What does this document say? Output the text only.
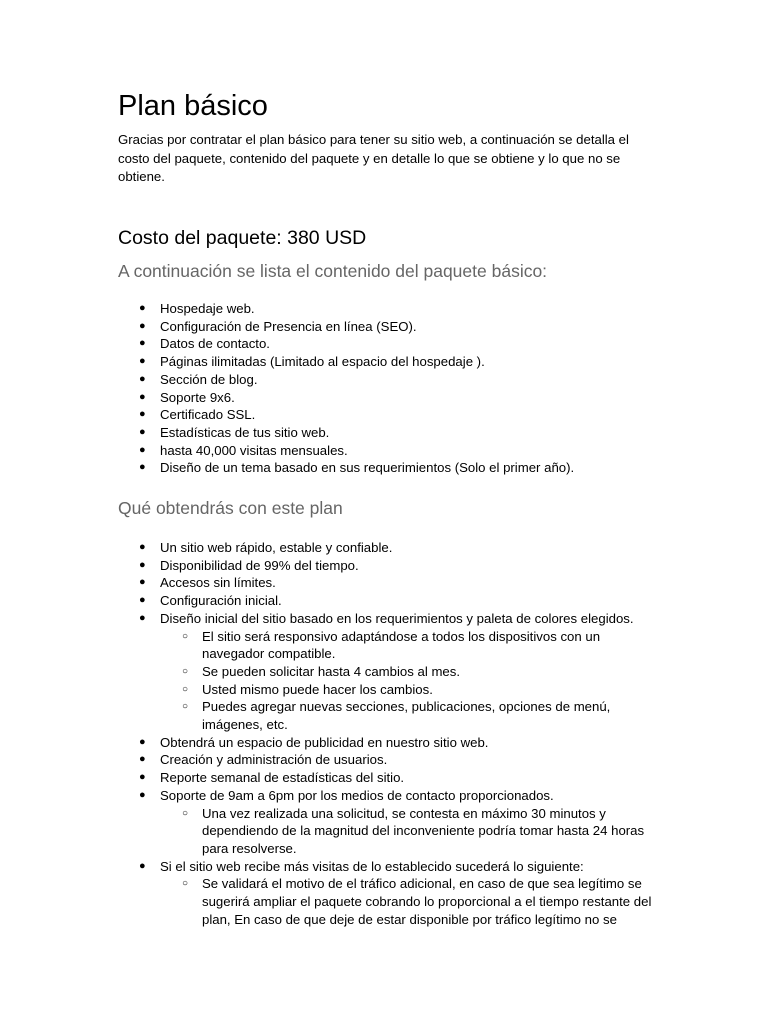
Plan básico

Gracias por contratar el plan básico para tener su sitio web, a continuación se detalla el costo del paquete, contenido del paquete y en detalle lo que se obtiene y lo que no se obtiene.

Costo del paquete: 380 USD
A continuación se lista el contenido del paquete básico:
● Hospedaje web.
● Configuración de Presencia en línea (SEO).
● Datos de contacto.
● Páginas ilimitadas (Limitado al espacio del hospedaje ).
● Sección de blog.
● Soporte 9x6.
● Certificado SSL.
● Estadísticas de tus sitio web.
● hasta 40,000 visitas mensuales.
● Diseño de un tema basado en sus requerimientos (Solo el primer año).
Qué obtendrás con este plan
● Un sitio web rápido, estable y confiable.
● Disponibilidad de 99% del tiempo.
● Accesos sin límites.
● Configuración inicial.
● Diseño inicial del sitio basado en los requerimientos y paleta de colores elegidos.
○ El sitio será responsivo adaptándose a todos los dispositivos con un navegador compatible.
○ Se pueden solicitar hasta 4 cambios al mes.
○ Usted mismo puede hacer los cambios.
○ Puedes agregar nuevas secciones, publicaciones, opciones de menú, imágenes, etc.
● Obtendrá un espacio de publicidad en nuestro sitio web.
● Creación y administración de usuarios.
● Reporte semanal de estadísticas del sitio.
● Soporte de 9am a 6pm por los medios de contacto proporcionados.
○ Una vez realizada una solicitud, se contesta en máximo 30 minutos y dependiendo de la magnitud del inconveniente podría tomar hasta 24 horas para resolverse.
● Si el sitio web recibe más visitas de lo establecido sucederá lo siguiente:
○ Se validará el motivo de el tráfico adicional, en caso de que sea legítimo se sugerirá ampliar el paquete cobrando lo proporcional a el tiempo restante del plan, En caso de que deje de estar disponible por tráfico legítimo no se
